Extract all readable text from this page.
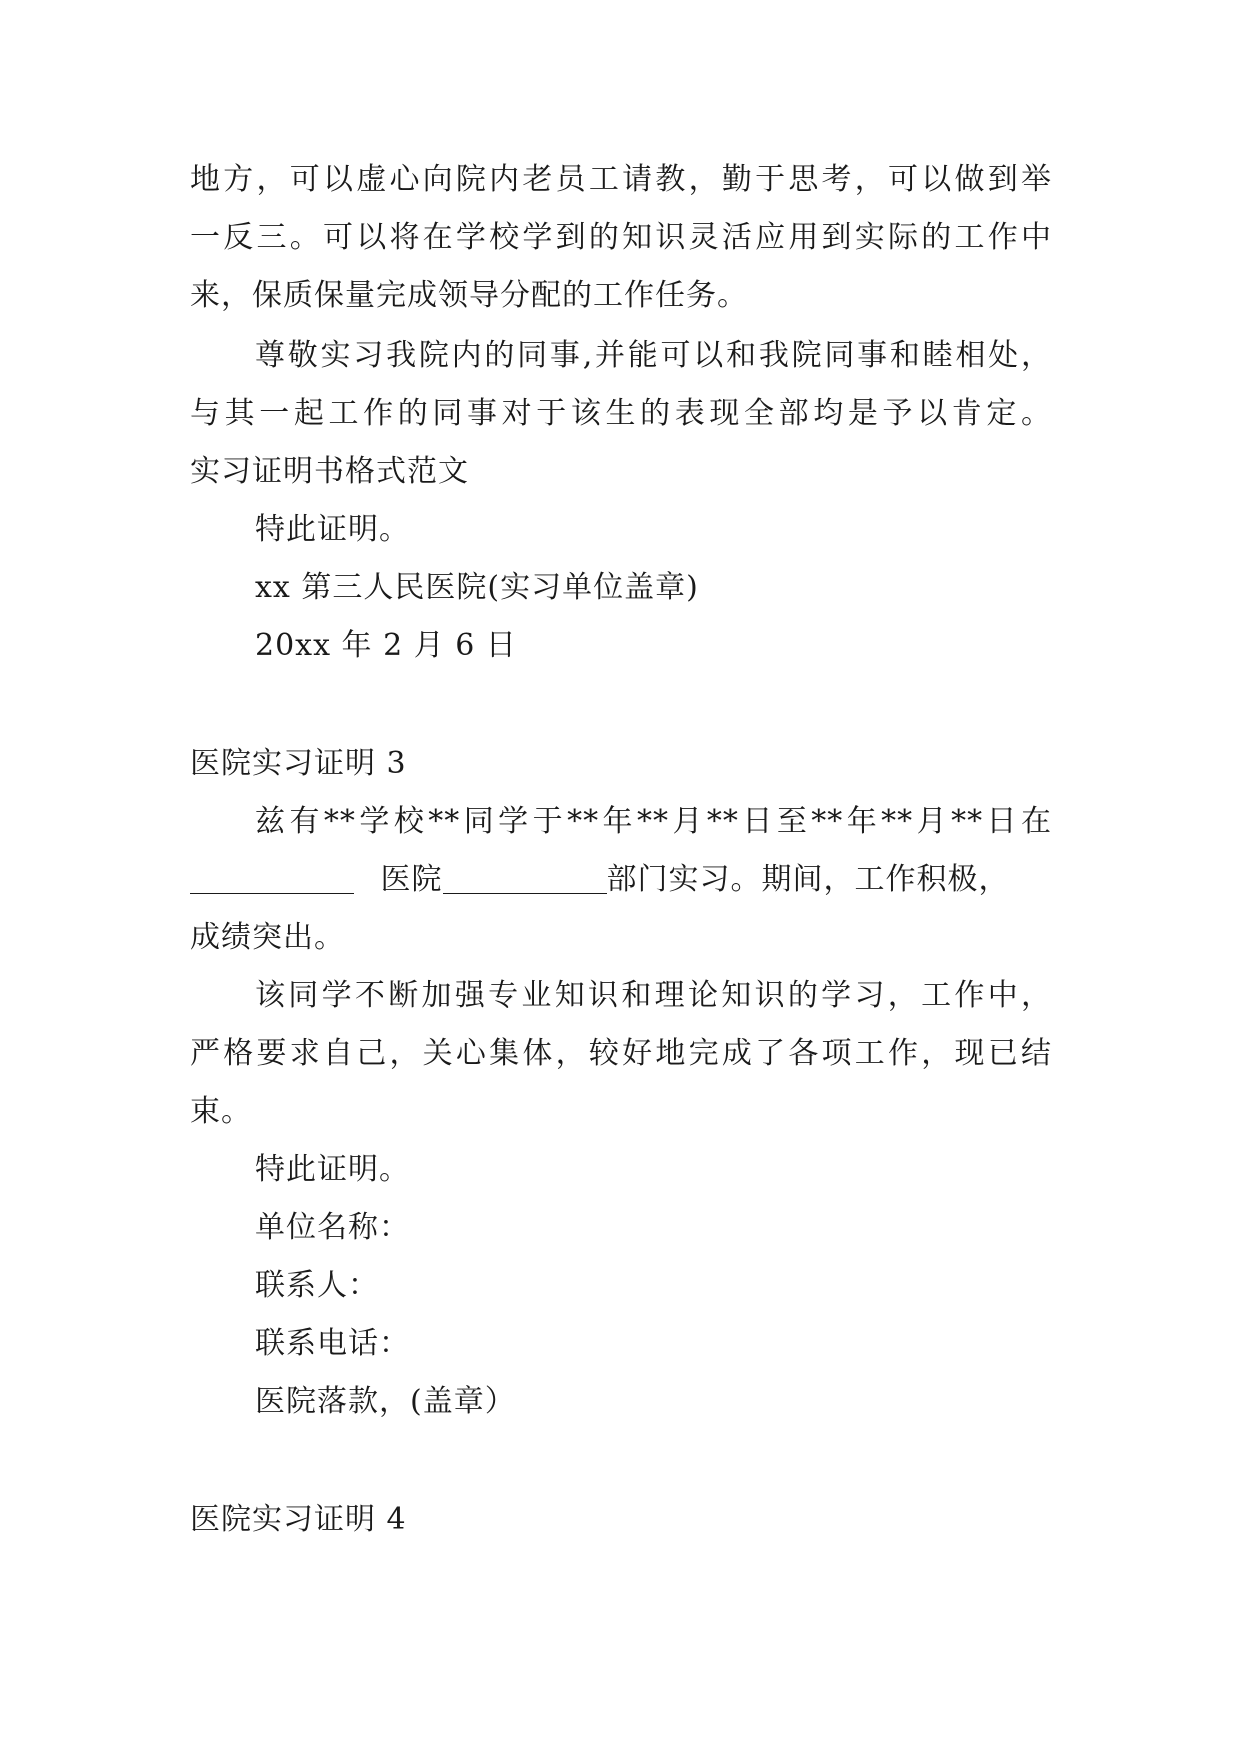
地方，可以虚心向院内老员工请教，勤于思考，可以做到举
一反三。可以将在学校学到的知识灵活应用到实际的工作中
来，保质保量完成领导分配的工作任务。
尊敬实习我院内的同事,并能可以和我院同事和睦相处，
与其一起工作的同事对于该生的表现全部均是予以肯定。
实习证明书格式范文
特此证明。
xx 第三人民医院(实习单位盖章)
20xx 年 2 月 6 日
医院实习证明 3
兹有**学校**同学于**年**月**日至**年**月**日在
医院	部门实习。期间，工作积极，
成绩突出。
该同学不断加强专业知识和理论知识的学习，工作中，
严格要求自己，关心集体，较好地完成了各项工作，现已结
束。
特此证明。
单位名称：
联系人：
联系电话：
医院落款，(盖章）
医院实习证明 4
